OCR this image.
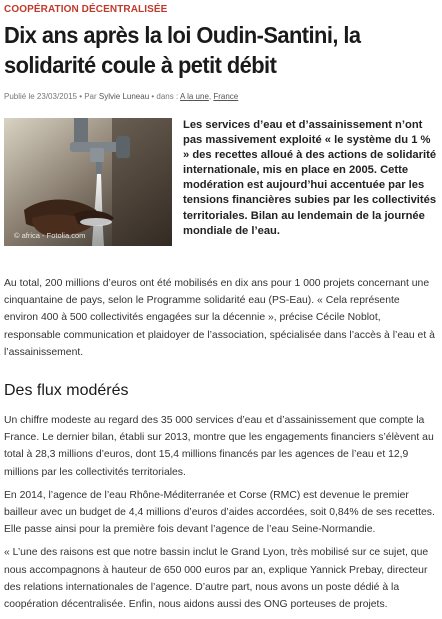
COOPÉRATION DÉCENTRALISÉE
Dix ans après la loi Oudin-Santini, la
solidarité coule à petit débit
Publié le 23/03/2015 • Par Sylvie Luneau • dans : A la une, France
© africa - Fotolia.com

Les services d’eau et d’assainissement n’ont pas massivement exploité « le système du 1 % » des recettes alloué à des actions de solidarité internationale, mis en place en 2005. Cette modération est aujourd’hui accentuée par les tensions financières subies par les collectivités territoriales. Bilan au lendemain de la journée mondiale de l’eau.

Au total, 200 millions d’euros ont été mobilisés en dix ans pour 1 000 projets concernant une cinquantaine de pays, selon le Programme solidarité eau (PS-Eau). « Cela représente environ 400 à 500 collectivités engagées sur la décennie », précise Cécile Noblot, responsable communication et plaidoyer de l’association, spécialisée dans l’accès à l’eau et à l’assainissement.

Des flux modérés

Un chiffre modeste au regard des 35 000 services d’eau et d’assainissement que compte la France. Le dernier bilan, établi sur 2013, montre que les engagements financiers s’élèvent au total à 28,3 millions d’euros, dont 15,4 millions financés par les agences de l’eau et 12,9 millions par les collectivités territoriales.

En 2014, l’agence de l’eau Rhône-Méditerranée et Corse (RMC) est devenue le premier bailleur avec un budget de 4,4 millions d’euros d’aides accordées, soit 0,84% de ses recettes. Elle passe ainsi pour la première fois devant l’agence de l’eau Seine-Normandie.

« L’une des raisons est que notre bassin inclut le Grand Lyon, très mobilisé sur ce sujet, que nous accompagnons à hauteur de 650 000 euros par an, explique Yannick Prebay, directeur des relations internationales de l’agence. D’autre part, nous avons un poste dédié à la coopération décentralisée. Enfin, nous aidons aussi des ONG porteuses de projets.
